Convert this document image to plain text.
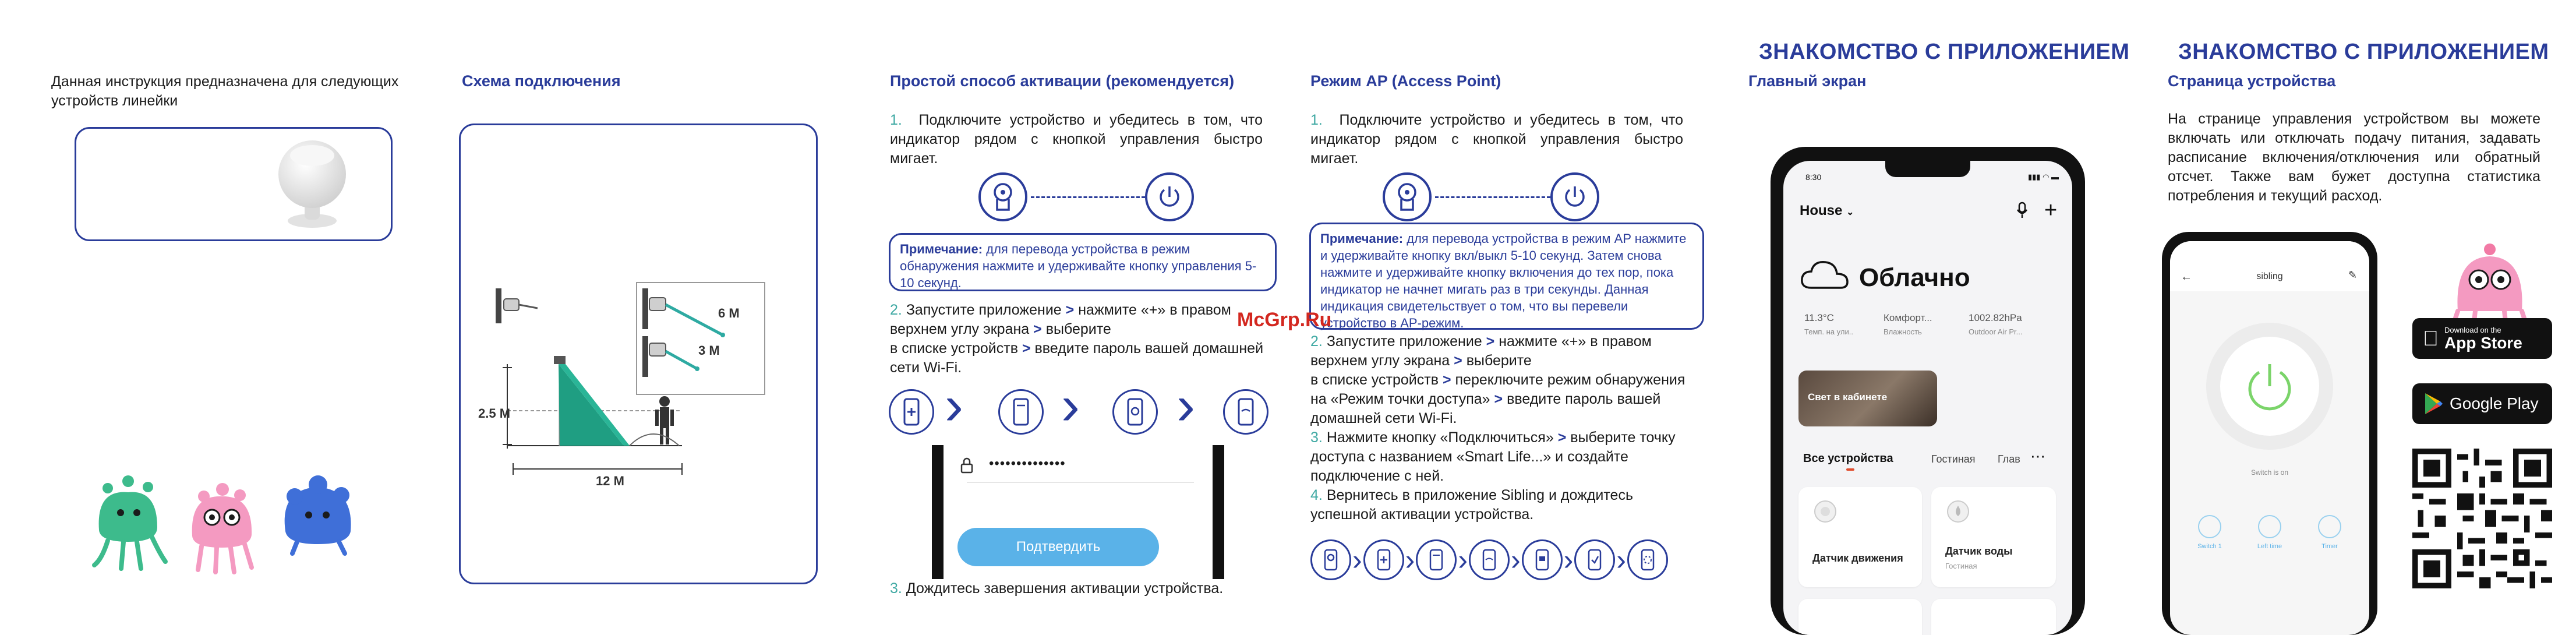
Данная инструкция предназначена для следующих устройств линейки
Схема подключения
6 M
3 M
2.5 M
12 M
Простой способ активации (рекомендуется)
1. Подключите устройство и убедитесь в том, что индикатор рядом с кнопкой управления быстро мигает.
Примечание: для перевода устройства в режим обнаружения нажмите и удерживайте кнопку управления 5-10 секунд.
2. Запустите приложение > нажмите «+» в правом верхнем углу экрана > выберите
в списке устройств > введите пароль вашей домашней сети Wi-Fi.
› › ›
••••••••••••••
Подтвердить
3. Дождитесь завершения активации устройства.
Режим AP (Access Point)
1. Подключите устройство и убедитесь в том, что индикатор рядом с кнопкой управления быстро мигает.
Примечание: для перевода устройства в режим AP нажмите и удерживайте кнопку вкл/выкл 5-10 секунд. Затем снова нажмите и удерживайте кнопку включения до тех пор, пока индикатор не начнет мигать раз в три секунды. Данная индикация свидетельствует о том, что вы перевели устройство в AP-режим.
McGrp.Ru
2. Запустите приложение > нажмите «+» в правом верхнем углу экрана > выберите
в списке устройств > переключите режим обнаружения на «Режим точки доступа» > введите пароль вашей домашней сети Wi-Fi.
3. Нажмите кнопку «Подключиться» > выберите точку доступа с названием «Smart Life...» и создайте подключение с ней.
4. Вернитесь в приложение Sibling и дождитесь успешной активации устройства.
› › › › › ›
ЗНАКОМСТВО С ПРИЛОЖЕНИЕМ
Главный экран
8:30	▮▮▮ ◠ ▬
House ⌄	+
Облачно
11.3°C
Темп. на ули..
Комфорт...
Влажность
1002.82hPa
Outdoor Air Pr...
Свет в кабинете
Все устройства	Гостиная Глав ⋯
Датчик движения
Датчик воды
Гостиная
ЗНАКОМСТВО С ПРИЛОЖЕНИЕМ
Страница устройства
На странице управления устройством вы можете включать или отключать подачу питания, задавать расписание включения/отключения или обратный отсчет. Также вам бужет доступна статистика потребления и текущий расход.
←	sibling	✎
Switch is on
Switch 1	Left time	Timer
Download on the
App Store
Google Play
